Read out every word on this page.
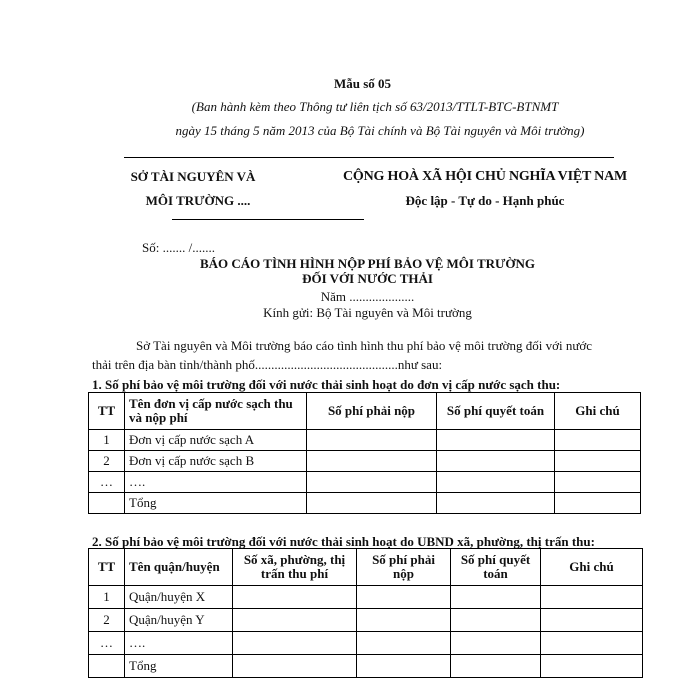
Mẫu số 05
(Ban hành kèm theo Thông tư liên tịch số 63/2013/TTLT-BTC-BTNMT
ngày 15 tháng 5 năm 2013 của Bộ Tài chính và Bộ Tài nguyên và Môi trường)
SỞ TÀI NGUYÊN VÀ
MÔI TRƯỜNG ....
CỘNG HOÀ XÃ HỘI CHỦ NGHĨA VIỆT NAM
Độc lập - Tự do - Hạnh phúc
Số: ....... /.......
BÁO CÁO TÌNH HÌNH NỘP PHÍ BẢO VỆ MÔI TRƯỜNG
ĐỐI VỚI NƯỚC THẢI
Năm ....................
Kính gửi: Bộ Tài nguyên và Môi trường
Sở Tài nguyên và Môi trường báo cáo tình hình thu phí bảo vệ môi trường đối với nước
thải trên địa bàn tỉnh/thành phố............................................như sau:
1. Số phí bảo vệ môi trường đối với nước thải sinh hoạt do đơn vị cấp nước sạch thu:
TT	Tên đơn vị cấp nước sạch thu và nộp phí	Số phí phải nộp	Số phí quyết toán	Ghi chú
1	Đơn vị cấp nước sạch A			
2	Đơn vị cấp nước sạch B			
…	….			
	Tổng			
2. Số phí bảo vệ môi trường đối với nước thải sinh hoạt do UBND xã, phường, thị trấn thu:
TT	Tên quận/huyện	Số xã, phường, thị trấn thu phí	Số phí phải nộp	Số phí quyết toán	Ghi chú
1	Quận/huyện X				
2	Quận/huyện Y				
…	….				
	Tổng				
